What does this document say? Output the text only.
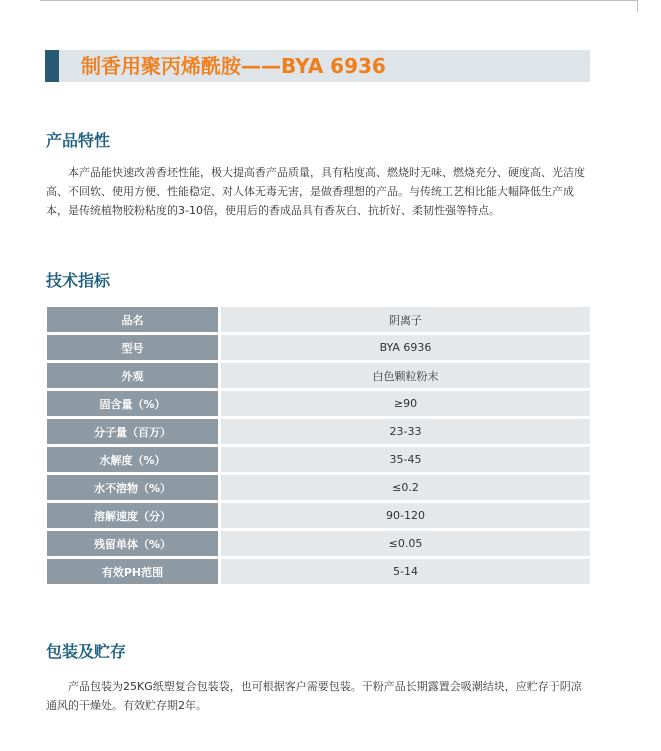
制香用聚丙烯酰胺——BYA 6936
产品特性
本产品能快速改善香坯性能，极大提高香产品质量，具有粘度高、燃烧时无味、燃烧充分、硬度高、光洁度高、不回软、使用方便、性能稳定、对人体无毒无害，是做香理想的产品。与传统工艺相比能大幅降低生产成本，是传统植物胶粉粘度的3-10倍，使用后的香成品具有香灰白、抗折好、柔韧性强等特点。
技术指标
品名		阴离子
型号		BYA 6936
外观		白色颗粒粉末
固含量（%）		≥90
分子量（百万）		23-33
水解度（%）		35-45
水不溶物（%）		≤0.2
溶解速度（分）		90-120
残留单体（%）		≤0.05
有效PH范围		5-14
包装及贮存
产品包装为25KG纸塑复合包装袋，也可根据客户需要包装。干粉产品长期露置会吸潮结块，应贮存于阴凉通风的干燥处。有效贮存期2年。
